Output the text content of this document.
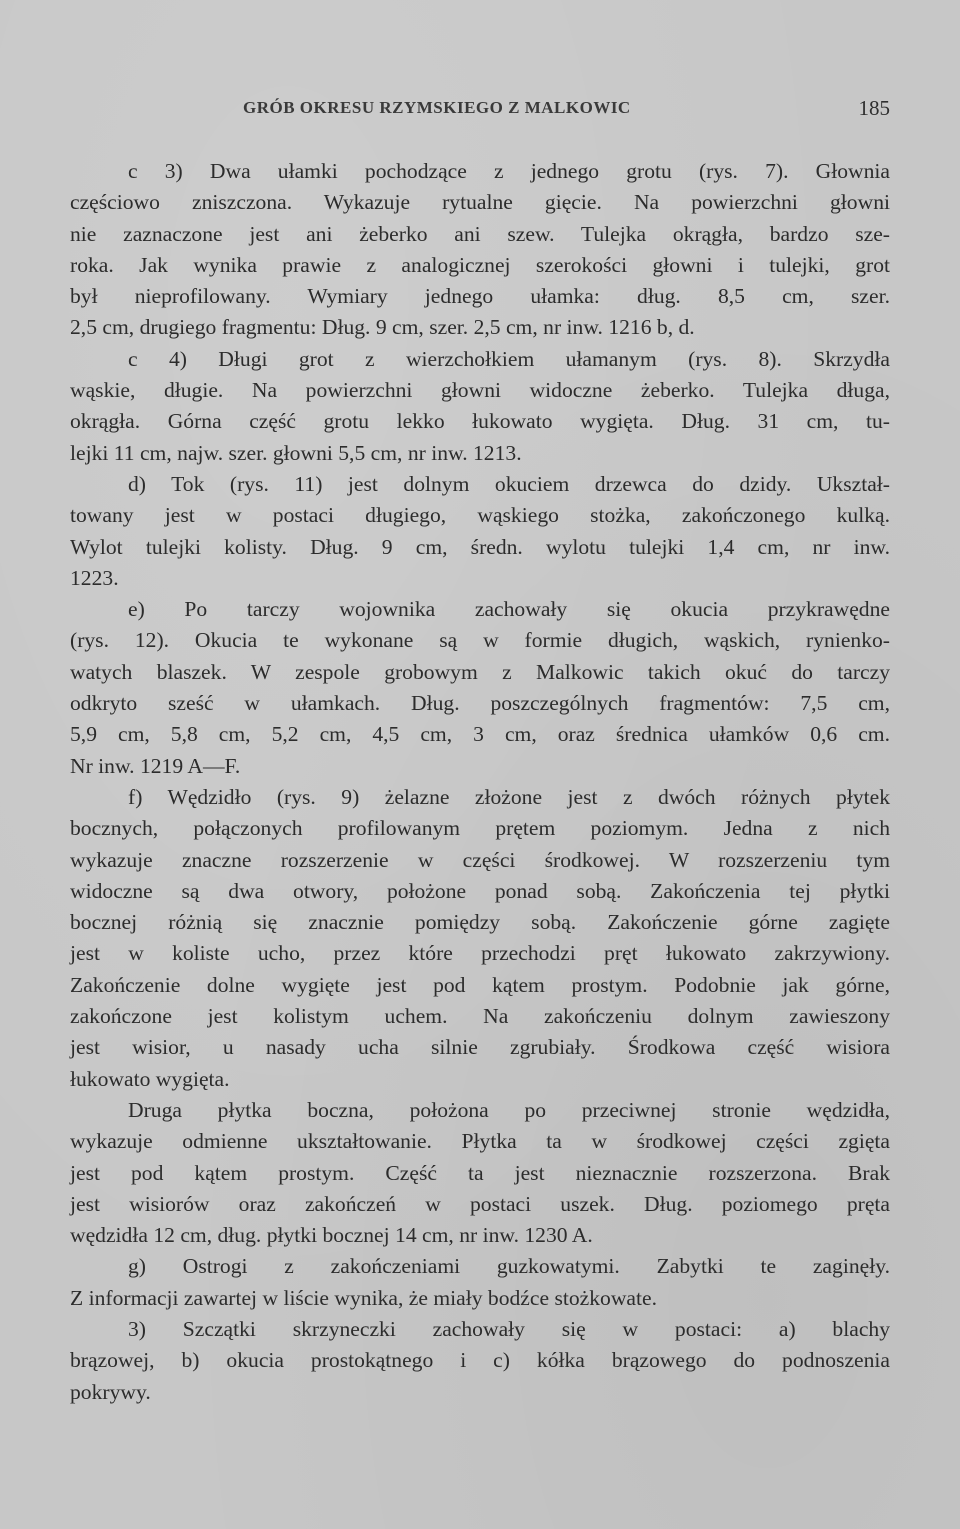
GRÓB OKRESU RZYMSKIEGO Z MALKOWIC	185
c 3) Dwa ułamki pochodzące z jednego grotu (rys. 7). Głownia
częściowo zniszczona. Wykazuje rytualne gięcie. Na powierzchni głowni
nie zaznaczone jest ani żeberko ani szew. Tulejka okrągła, bardzo sze-
roka. Jak wynika prawie z analogicznej szerokości głowni i tulejki, grot
był nieprofilowany. Wymiary jednego ułamka: dług. 8,5 cm, szer.
2,5 cm, drugiego fragmentu: Dług. 9 cm, szer. 2,5 cm, nr inw. 1216 b, d.
c 4) Długi grot z wierzchołkiem ułamanym (rys. 8). Skrzydła
wąskie, długie. Na powierzchni głowni widoczne żeberko. Tulejka długa,
okrągła. Górna część grotu lekko łukowato wygięta. Dług. 31 cm, tu-
lejki 11 cm, najw. szer. głowni 5,5 cm, nr inw. 1213.
d) Tok (rys. 11) jest dolnym okuciem drzewca do dzidy. Ukształ-
towany jest w postaci długiego, wąskiego stożka, zakończonego kulką.
Wylot tulejki kolisty. Dług. 9 cm, średn. wylotu tulejki 1,4 cm, nr inw.
1223.
e) Po tarczy wojownika zachowały się okucia przykrawędne
(rys. 12). Okucia te wykonane są w formie długich, wąskich, rynienko-
watych blaszek. W zespole grobowym z Malkowic takich okuć do tarczy
odkryto sześć w ułamkach. Dług. poszczególnych fragmentów: 7,5 cm,
5,9 cm, 5,8 cm, 5,2 cm, 4,5 cm, 3 cm, oraz średnica ułamków 0,6 cm.
Nr inw. 1219 A—F.
f) Wędzidło (rys. 9) żelazne złożone jest z dwóch różnych płytek
bocznych, połączonych profilowanym prętem poziomym. Jedna z nich
wykazuje znaczne rozszerzenie w części środkowej. W rozszerzeniu tym
widoczne są dwa otwory, położone ponad sobą. Zakończenia tej płytki
bocznej różnią się znacznie pomiędzy sobą. Zakończenie górne zagięte
jest w koliste ucho, przez które przechodzi pręt łukowato zakrzywiony.
Zakończenie dolne wygięte jest pod kątem prostym. Podobnie jak górne,
zakończone jest kolistym uchem. Na zakończeniu dolnym zawieszony
jest wisior, u nasady ucha silnie zgrubiały. Środkowa część wisiora
łukowato wygięta.
Druga płytka boczna, położona po przeciwnej stronie wędzidła,
wykazuje odmienne ukształtowanie. Płytka ta w środkowej części zgięta
jest pod kątem prostym. Część ta jest nieznacznie rozszerzona. Brak
jest wisiorów oraz zakończeń w postaci uszek. Dług. poziomego pręta
wędzidła 12 cm, dług. płytki bocznej 14 cm, nr inw. 1230 A.
g) Ostrogi z zakończeniami guzkowatymi. Zabytki te zaginęły.
Z informacji zawartej w liście wynika, że miały bodźce stożkowate.
3) Szczątki skrzyneczki zachowały się w postaci: a) blachy
brązowej, b) okucia prostokątnego i c) kółka brązowego do podnoszenia
pokrywy.
